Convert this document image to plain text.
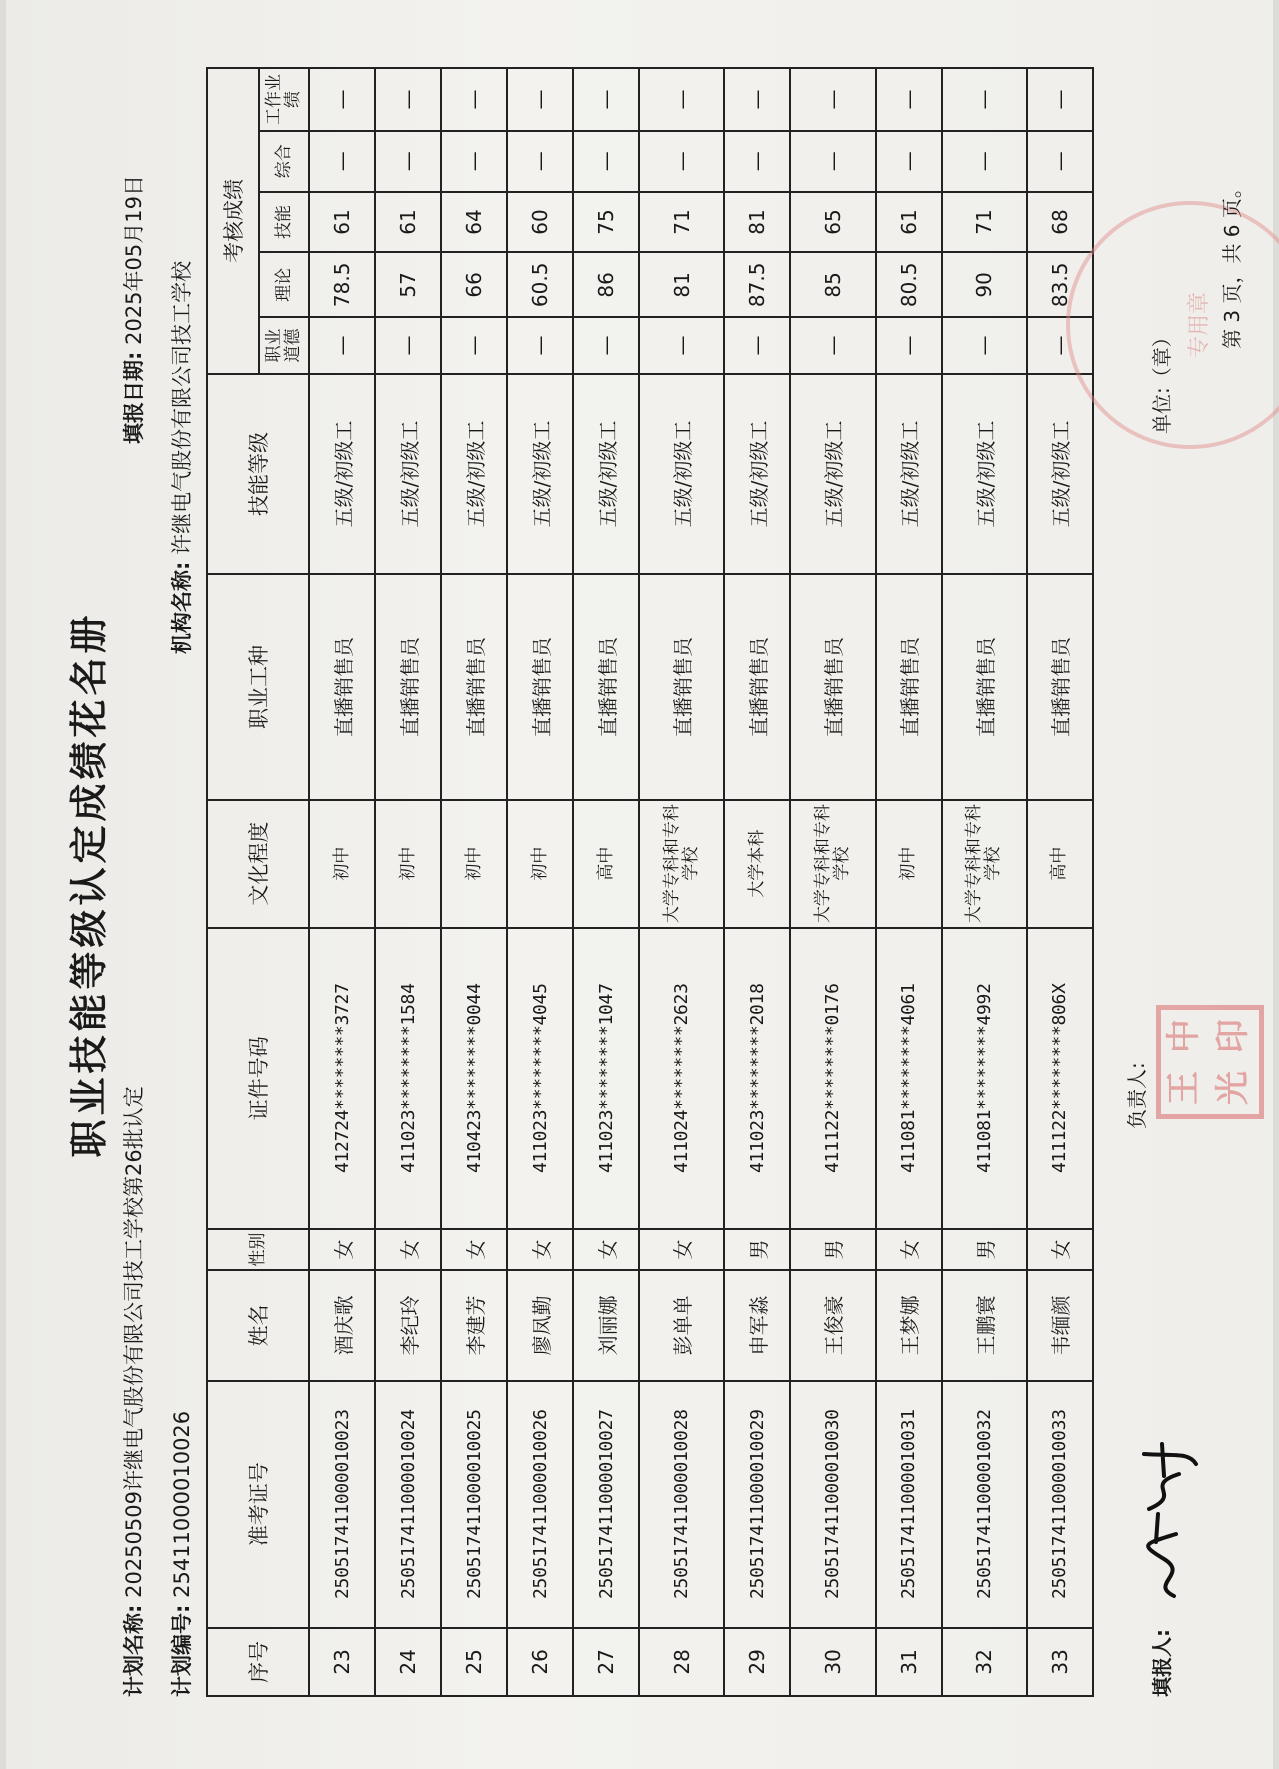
职业技能等级认定成绩花名册
计划名称: 20250509许继电气股份有限公司技工学校第26批认定
计划编号: 25411000010026
填报日期: 2025年05月19日
机构名称: 许继电气股份有限公司技工学校
序号	准考证号	姓名	性别	证件号码	文化程度	职业工种	技能等级	考核成绩				
								职业道德	理论	技能	综合	工作业绩
23	250517411000010023	酒庆歌	女	412724********3727	初中	直播销售员	五级/初级工	—	78.5	61	—	—
24	250517411000010024	李纪玲	女	411023********1584	初中	直播销售员	五级/初级工	—	57	61	—	—
25	250517411000010025	李建芳	女	410423********0044	初中	直播销售员	五级/初级工	—	66	64	—	—
26	250517411000010026	廖凤勤	女	411023********4045	初中	直播销售员	五级/初级工	—	60.5	60	—	—
27	250517411000010027	刘丽娜	女	411023********1047	高中	直播销售员	五级/初级工	—	86	75	—	—
28	250517411000010028	彭单单	女	411024********2623	大学专科和专科学校	直播销售员	五级/初级工	—	81	71	—	—
29	250517411000010029	申军淼	男	411023********2018	大学本科	直播销售员	五级/初级工	—	87.5	81	—	—
30	250517411000010030	王俊豪	男	411122********0176	大学专科和专科学校	直播销售员	五级/初级工	—	85	65	—	—
31	250517411000010031	王梦娜	女	411081********4061	初中	直播销售员	五级/初级工	—	80.5	61	—	—
32	250517411000010032	王鹏寰	男	411081********4992	大学专科和专科学校	直播销售员	五级/初级工	—	90	71	—	—
33	250517411000010033	韦缅颜	女	411122********806X	高中	直播销售员	五级/初级工	—	83.5	68	—	—
填报人:
负责人: 王
中
光
印
单位:（章）
专用章 第 3 页，共 6 页。
